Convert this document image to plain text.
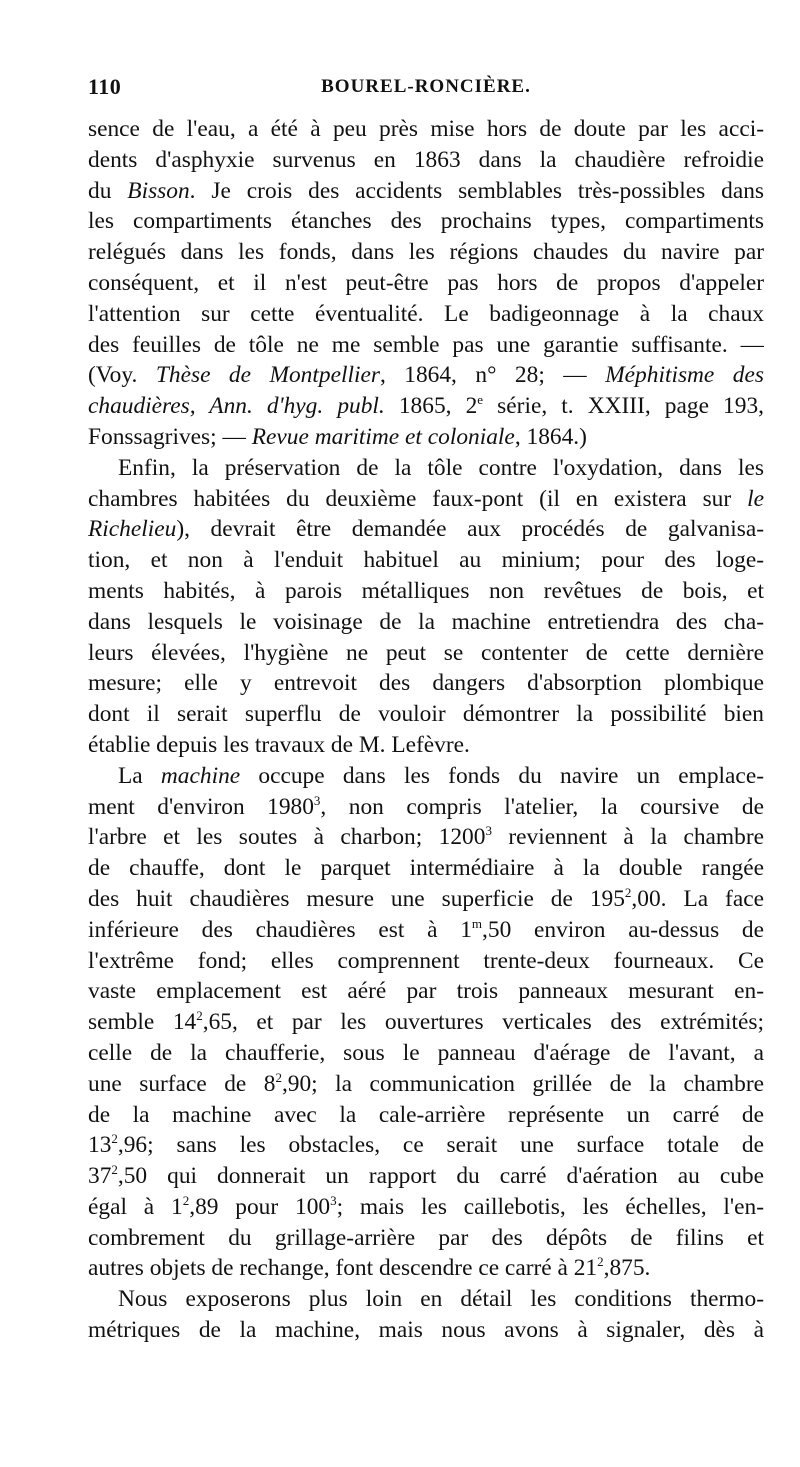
110	BOUREL-RONCIÈRE.
sence de l'eau, a été à peu près mise hors de doute par les acci-
dents d'asphyxie survenus en 1863 dans la chaudière refroidie
du Bisson. Je crois des accidents semblables très-possibles dans
les compartiments étanches des prochains types, compartiments
relégués dans les fonds, dans les régions chaudes du navire par
conséquent, et il n'est peut-être pas hors de propos d'appeler
l'attention sur cette éventualité. Le badigeonnage à la chaux
des feuilles de tôle ne me semble pas une garantie suffisante. —
(Voy. Thèse de Montpellier, 1864, n° 28; — Méphitisme des
chaudières, Ann. d'hyg. publ. 1865, 2e série, t. XXIII, page 193,
Fonssagrives; — Revue maritime et coloniale, 1864.)
Enfin, la préservation de la tôle contre l'oxydation, dans les
chambres habitées du deuxième faux-pont (il en existera sur le
Richelieu), devrait être demandée aux procédés de galvanisa-
tion, et non à l'enduit habituel au minium; pour des loge-
ments habités, à parois métalliques non revêtues de bois, et
dans lesquels le voisinage de la machine entretiendra des cha-
leurs élevées, l'hygiène ne peut se contenter de cette dernière
mesure; elle y entrevoit des dangers d'absorption plombique
dont il serait superflu de vouloir démontrer la possibilité bien
établie depuis les travaux de M. Lefèvre.
La machine occupe dans les fonds du navire un emplace-
ment d'environ 1980$^3$, non compris l'atelier, la coursive de
l'arbre et les soutes à charbon; 1200$^3$ reviennent à la chambre
de chauffe, dont le parquet intermédiaire à la double rangée
des huit chaudières mesure une superficie de $195^2,00$. La face
inférieure des chaudières est à 1$^m$,50 environ au-dessus de
l'extrême fond; elles comprennent trente-deux fourneaux. Ce
vaste emplacement est aéré par trois panneaux mesurant en-
semble $14^2,65$, et par les ouvertures verticales des extrémités;
celle de la chaufferie, sous le panneau d'aérage de l'avant, a
une surface de $8^2,90$; la communication grillée de la chambre
de la machine avec la cale-arrière représente un carré de
$13^2,96$; sans les obstacles, ce serait une surface totale de
$37^2,50$ qui donnerait un rapport du carré d'aération au cube
égal à $1^2,89$ pour $100^3$; mais les caillebotis, les échelles, l'en-
combrement du grillage-arrière par des dépôts de filins et
autres objets de rechange, font descendre ce carré à $21^2,875$.
Nous exposerons plus loin en détail les conditions thermo-
métriques de la machine, mais nous avons à signaler, dès à
